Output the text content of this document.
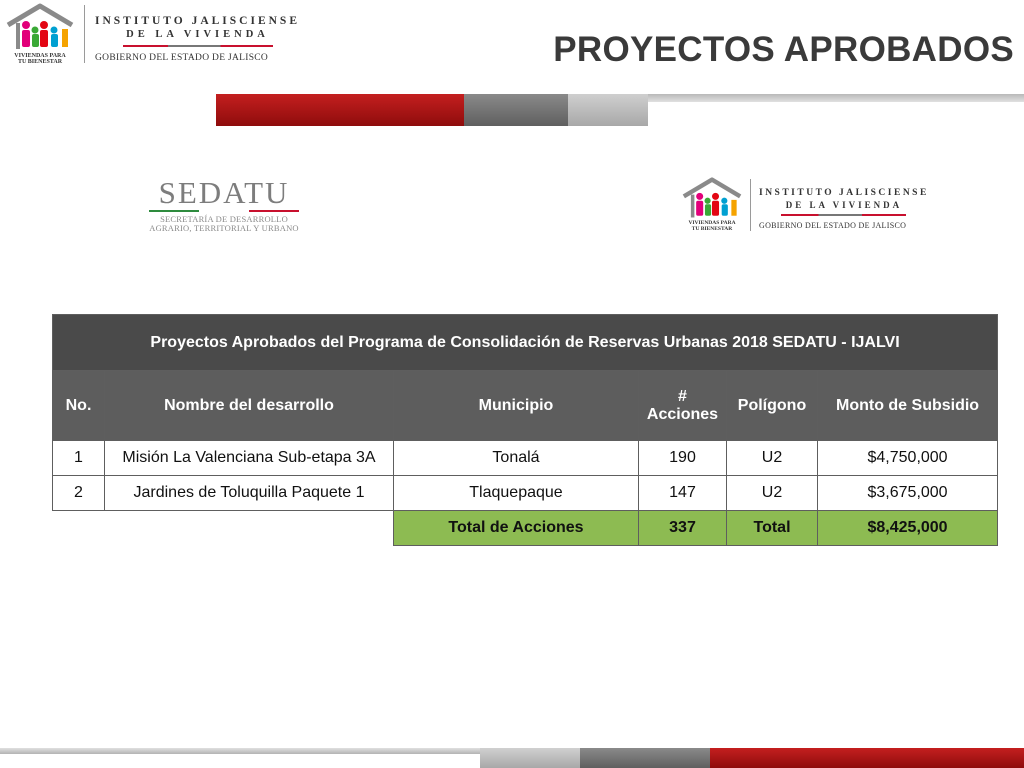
VIVIENDAS PARA
TU BIENESTAR
INSTITUTO JALISCIENSE
DE LA VIVIENDA
GOBIERNO DEL ESTADO DE JALISCO	PROYECTOS APROBADOS
SEDATU
SECRETARÍA DE DESARROLLO
AGRARIO, TERRITORIAL Y URBANO	VIVIENDAS PARA
TU BIENESTAR
INSTITUTO JALISCIENSE
DE LA VIVIENDA
GOBIERNO DEL ESTADO DE JALISCO
Proyectos Aprobados del Programa de Consolidación de Reservas Urbanas 2018 SEDATU - IJALVI					
No.	Nombre del desarrollo	Municipio	# Acciones	Polígono	Monto de Subsidio
1	Misión La Valenciana Sub-etapa 3A	Tonalá	190	U2	$4,750,000
2	Jardines de Toluquilla Paquete 1	Tlaquepaque	147	U2	$3,675,000
		Total de Acciones	337	Total	$8,425,000
